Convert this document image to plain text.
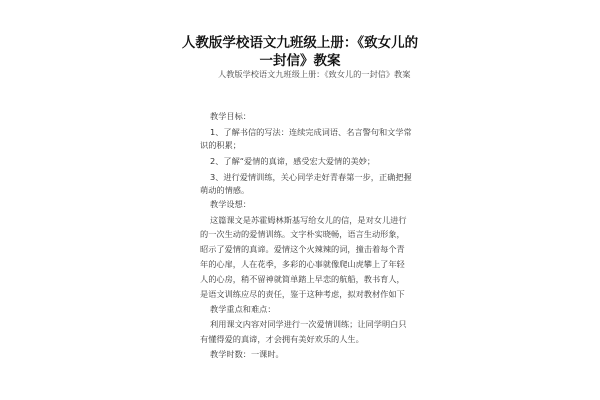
人教版学校语文九班级上册：《致女儿的
一封信》教案
人教版学校语文九班级上册：《致女儿的一封信》教案
教学目标：
1、了解书信的写法：连续完成词语、名言警句和文学常
识的积累；
2、了解“爱情的真谛，感受宏大爱情的美妙；
3、进行爱情训练，关心同学走好青春第一步，正确把握
萌动的情感。
教学设想：
这篇课文是苏霍姆林斯基写给女儿的信，是对女儿进行
的一次生动的爱情训练。文字朴实晓畅，语言生动形象，
昭示了爱情的真谛。爱情这个火辣辣的词，撞击着每个青
年的心扉，人在花季，多彩的心事就像爬山虎攀上了年轻
人的心房，稍不留神就简单踏上早恋的航船，教书育人，
是语文训练应尽的责任，鉴于这种考虑，拟对教材作如下
教学重点和难点：
利用课文内容对同学进行一次爱情训练；让同学明白只
有懂得爱的真谛，才会拥有美好欢乐的人生。
教学时数：一课时。
